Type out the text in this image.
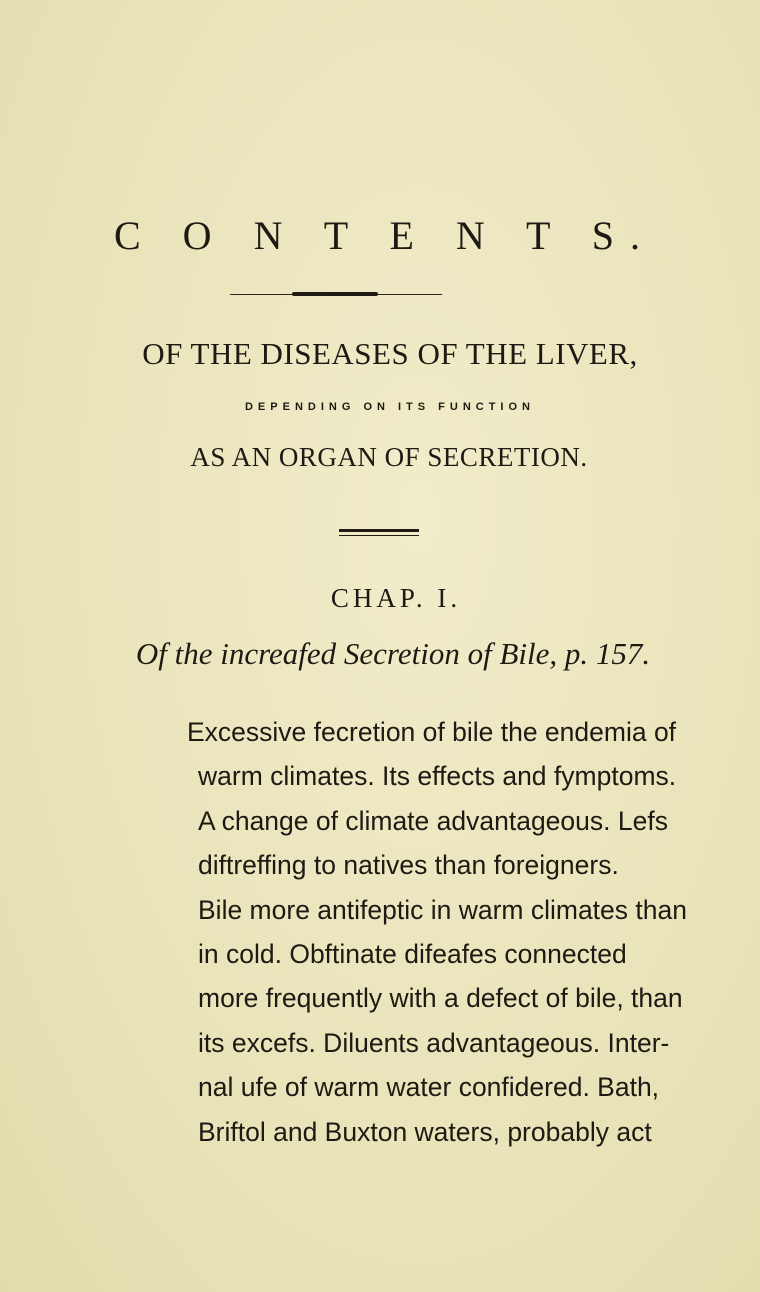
C O N T E N T S.
OF THE DISEASES OF THE LIVER,
DEPENDING ON ITS FUNCTION
AS AN ORGAN OF SECRETION.
CHAP. I.
Of the increafed Secretion of Bile, p. 157.
Excessive fecretion of bile the endemia of
warm climates. Its effects and fymptoms.
A change of climate advantageous. Lefs
diftreffing to natives than foreigners.
Bile more antifeptic in warm climates than
in cold. Obftinate difeafes connected
more frequently with a defect of bile, than
its excefs. Diluents advantageous. Inter-
nal ufe of warm water confidered. Bath,
Briftol and Buxton waters, probably act
